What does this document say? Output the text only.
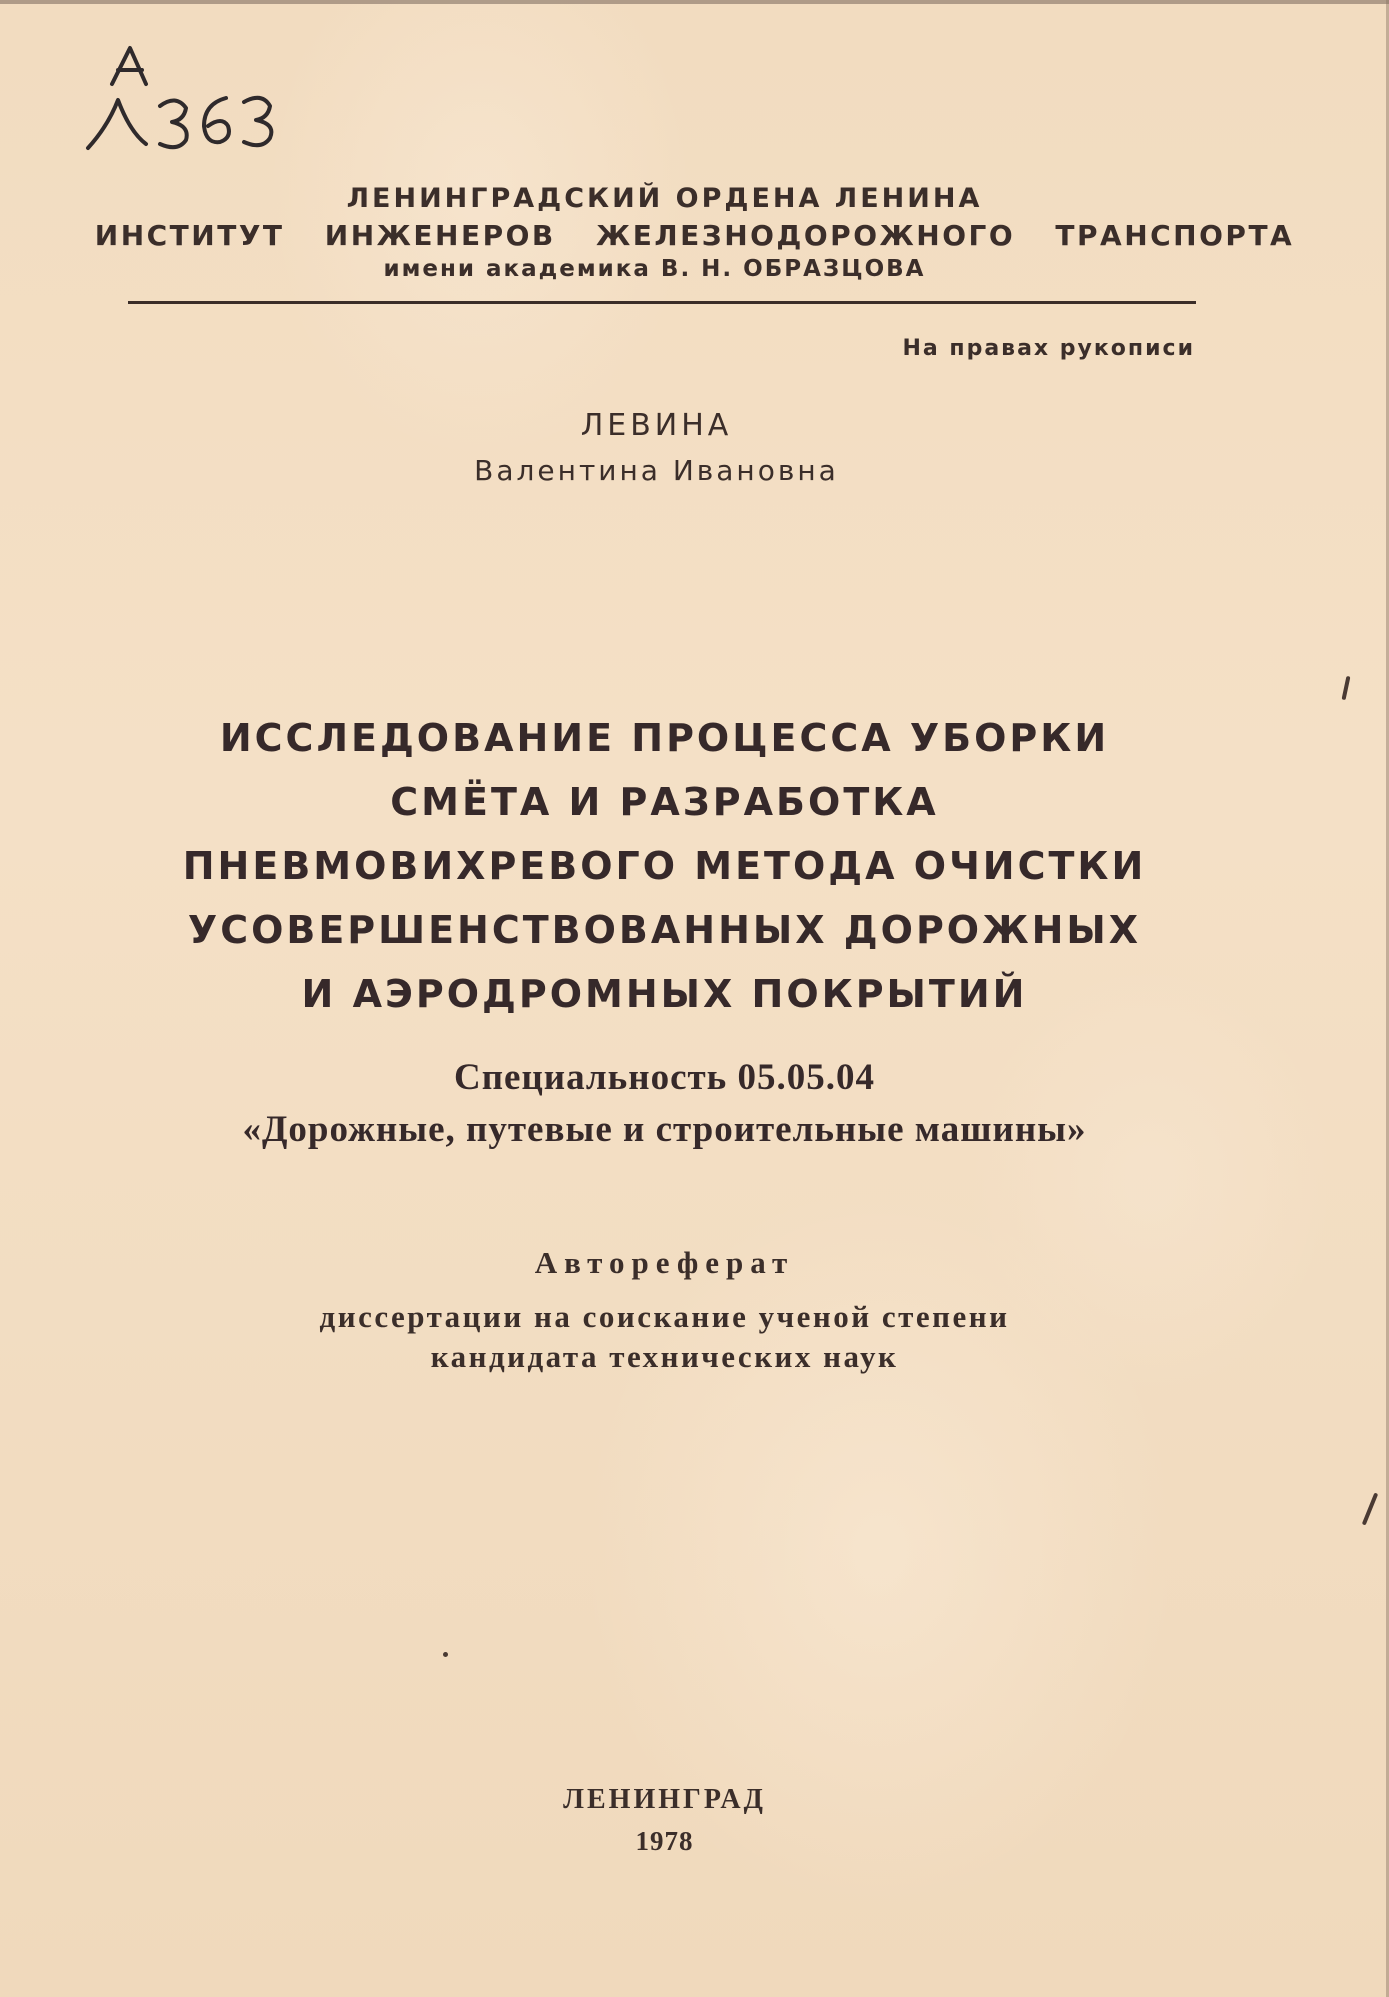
ЛЕНИНГРАДСКИЙ ОРДЕНА ЛЕНИНА
ИНСТИТУТ ИНЖЕНЕРОВ ЖЕЛЕЗНОДОРОЖНОГО ТРАНСПОРТА
имени академика В. Н. ОБРАЗЦОВА
На правах рукописи
ЛЕВИНА
Валентина Ивановна
ИССЛЕДОВАНИЕ ПРОЦЕССА УБОРКИ
СМЁТА И РАЗРАБОТКА
ПНЕВМОВИХРЕВОГО МЕТОДА ОЧИСТКИ
УСОВЕРШЕНСТВОВАННЫХ ДОРОЖНЫХ
И АЭРОДРОМНЫХ ПОКРЫТИЙ
Специальность 05.05.04
«Дорожные, путевые и строительные машины»
Автореферат
диссертации на соискание ученой степени
кандидата технических наук
ЛЕНИНГРАД
1978
